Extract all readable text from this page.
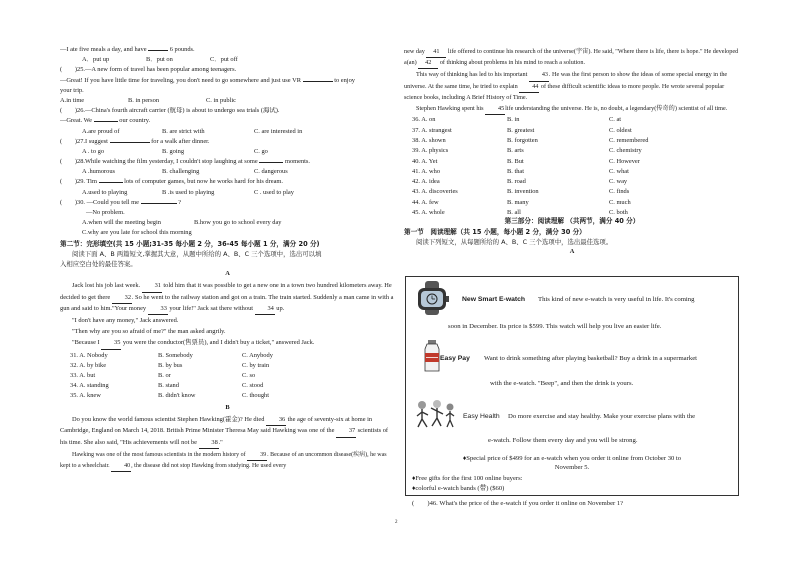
—I ate five meals a day, and have	6 pounds.
A．put up	B．put on	C．put off
(　　)25.—A new form of travel has been popular among teenagers.
—Great! If you have little time for traveling, you don't need to go somewhere and just use VR	to enjoy
your trip.
A.in time	B. in person	C. in public
(　　)26.—China's fourth aircraft carrier (航母) is about to undergo sea trials (海试).
—Great. We	our country.
A.are proud of	B. are strict with	C. are interested in
(　　)27.I suggest	for a walk after dinner.
A . to go	B. going	C. go
(　　)28.While watching the film yesterday, I couldn't stop laughing at some	moments.
A .humorous	B. challenging	C. dangerous
(　　)29. Tim	lots of computer games, but now he works hard for his dream.
A.used to playing	B .is used to playing	C . used to play
(　　)30. —Could you tell me	?
—No problem.
A.when will the meeting begin	B.how you go to school every day
C.why are you late for school this morning
第二节：完形填空(共 15 小题;31-35 每小题 2 分，36-45 每小题 1 分，满分 20 分)
阅读下面 A、B 两篇短文,掌握其大意，从题中所给的 A、B、C 三个选项中，选出可以填
入相应空白处的最佳答案。
A
Jack lost his job last week. 31 told him that it was possible to get a new one in a town two hundred kilometers away. He decided to get there 32. So he went to the railway station and got on a train. The train started. Suddenly a man came in with a gun and said to him."Your money 33 your life!" Jack sat there without 34 up.
"I don't have any money," Jack answered.
"Then why are you so afraid of me?" the man asked angrily.
"Because I 35 you were the conductor(售票员), and I didn't buy a ticket," answered Jack.
31. A. Nobody	B. Somebody	C. Anybody
32. A. by bike	B. by bus	C. by train
33. A. but	B. or	C. so
34. A. standing	B. stand	C. stood
35. A. knew	B. didn't know	C. thought
B
Do you know the world famous scientist Stephen Hawking(霍金)? He died 36 the age of seventy-six at home in Cambridge, England on March 14, 2018. British Prime Minister Theresa May said Hawking was one of the 37 scientists of his time. She also said, "His achievements will not be 38."
Hawking was one of the most famous scientists in the modern history of 39. Because of an uncommon disease(疾病), he was kept to a wheelchair. 40, the disease did not stop Hawking from studying. He used every
new day 41 life offered to continue his research of the universe(宇宙). He said, "Where there is life, there is hope." He developed a(an) 42 of thinking about problems in his mind to reach a solution.
This way of thinking has led to his important 43. He was the first person to show the ideas of some special energy in the universe. At the same time, he tried to explain 44 of these difficult scientific ideas to more people. He wrote several popular science books, including A Brief History of Time.
Stephen Hawking spent his 45life understanding the universe. He is, no doubt, a legendary(传奇的) scientist of all time.
36. A. on	B. in	C. at
37. A. strangest	B. greatest	C. oldest
38. A. shown	B. forgotten	C. remembered
39. A. physics	B. arts	C. chemistry
40. A. Yet	B. But	C. However
41. A. who	B. that	C. what
42. A. idea	B. road	C. way
43. A. discoveries	B. invention	C. finds
44. A. few	B. many	C. much
45. A. whole	B. all	C. both
第三部分：阅读理解 （共两节，满分 40 分）
第一节　阅读理解（共 15 小题，每小题 2 分，满分 30 分）
阅读下列短文，从每题所给的 A、B、C 三个选项中，选出最佳选项。
A
New Smart E-watch This kind of new e-watch is very useful in life. It's coming
soon in December. Its price is $599. This watch will help you live an easier life.
Easy Pay Want to drink something after playing basketball? Buy a drink in a supermarket
with the e-watch. "Beep", and then the drink is yours.
Easy Health Do more exercise and stay healthy. Make your exercise plans with the
e-watch. Follow them every day and you will be strong.
♦Special price of $499 for an e-watch when you order it online from October 30 to
November 5.
♦Free gifts for the first 100 online buyers:
♦colorful e-watch bands (带) ($60)
(　　)46. What's the price of the e-watch if you order it online on November 1?
2
